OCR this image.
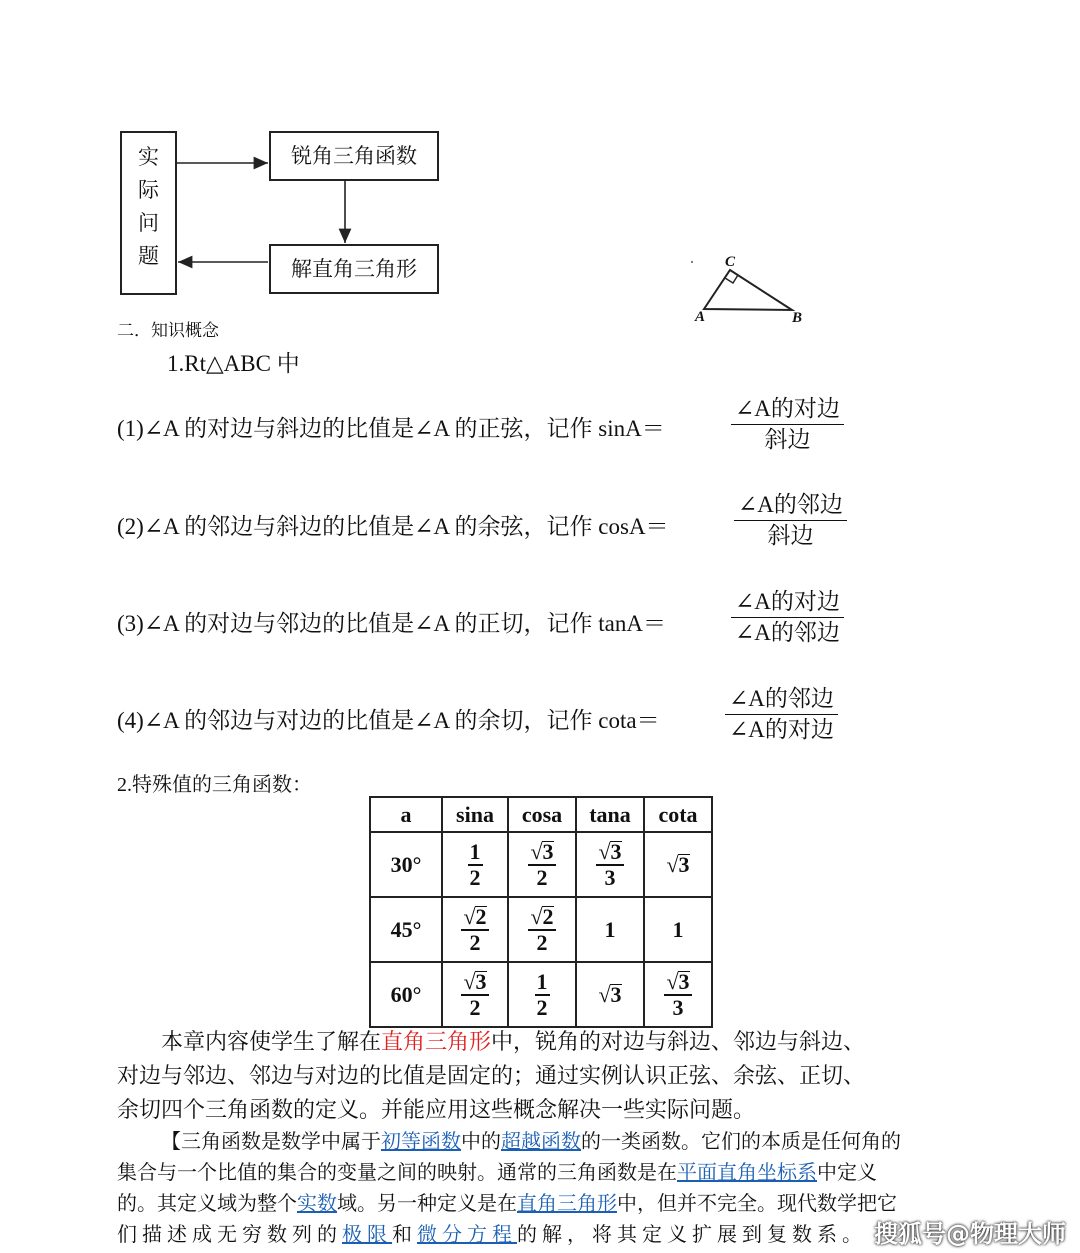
实
际
问
题
锐角三角函数
解直角三角形	C
A	B
二．知识概念
1.Rt△ABC 中
(1)∠A 的对边与斜边的比值是∠A 的正弦，记作 sinA＝
∠A的对边
斜边
(2)∠A 的邻边与斜边的比值是∠A 的余弦，记作 cosA＝
∠A的邻边
斜边
(3)∠A 的对边与邻边的比值是∠A 的正切，记作 tanA＝
∠A的对边
∠A的邻边
(4)∠A 的邻边与对边的比值是∠A 的余切，记作 cota＝
∠A的邻边
∠A的对边
2.特殊值的三角函数：
a	sina	cosa	tana	cota
30°	$\frac{1}{2}$	$\frac{√3}{2}$	$\frac{√3}{3}$	√3
45°	$\frac{√2}{2}$	$\frac{√2}{2}$	1	1
60°	$\frac{√3}{2}$	$\frac{1}{2}$	√3	$\frac{√3}{3}$
本章内容使学生了解在直角三角形中，锐角的对边与斜边、邻边与斜边、
对边与邻边、邻边与对边的比值是固定的；通过实例认识正弦、余弦、正切、
余切四个三角函数的定义。并能应用这些概念解决一些实际问题。
【三角函数是数学中属于初等函数中的超越函数的一类函数。它们的本质是任何角的
集合与一个比值的集合的变量之间的映射。通常的三角函数是在平面直角坐标系中定义
的。其定义域为整个实数域。另一种定义是在直角三角形中，但并不完全。现代数学把它
们描述成无穷数列的极限和微分方程的解，将其定义扩展到复数系。 搜狐号@物理大师
